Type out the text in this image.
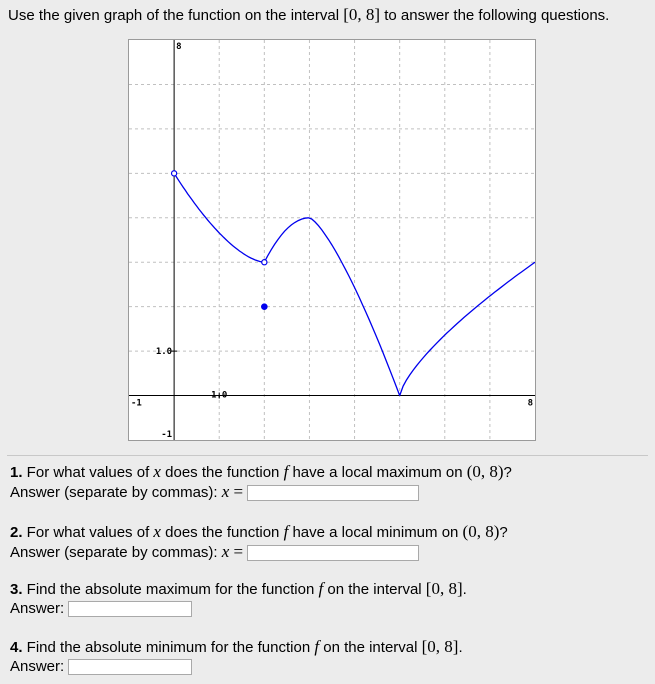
Use the given graph of the function on the interval [0, 8] to answer the following questions.
8
-1
-1	8
1.0
1.0
1. For what values of x does the function f have a local maximum on (0, 8)?
Answer (separate by commas): x =
2. For what values of x does the function f have a local minimum on (0, 8)?
Answer (separate by commas): x =
3. Find the absolute maximum for the function f on the interval [0, 8].
Answer:
4. Find the absolute minimum for the function f on the interval [0, 8].
Answer:
